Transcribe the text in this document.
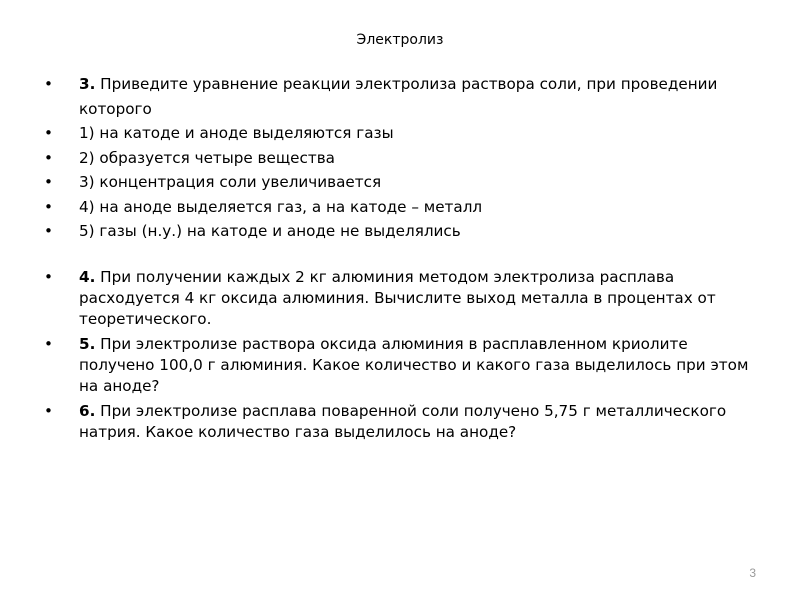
Электролиз
• 3. Приведите уравнение реакции электролиза раствора соли, при проведении которого
• 1) на катоде и аноде выделяются газы
• 2) образуется четыре вещества
• 3) концентрация соли увеличивается
• 4) на аноде выделяется газ, а на катоде – металл
• 5) газы (н.у.) на катоде и аноде не выделялись
• 4. При получении каждых 2 кг алюминия методом электролиза расплава расходуется 4 кг оксида алюминия. Вычислите выход металла в процентах от теоретического.
• 5. При электролизе раствора оксида алюминия в расплавленном криолите получено 100,0 г алюминия. Какое количество и какого газа выделилось при этом на аноде?
• 6. При электролизе расплава поваренной соли получено 5,75 г металлического натрия. Какое количество газа выделилось на аноде?
3
